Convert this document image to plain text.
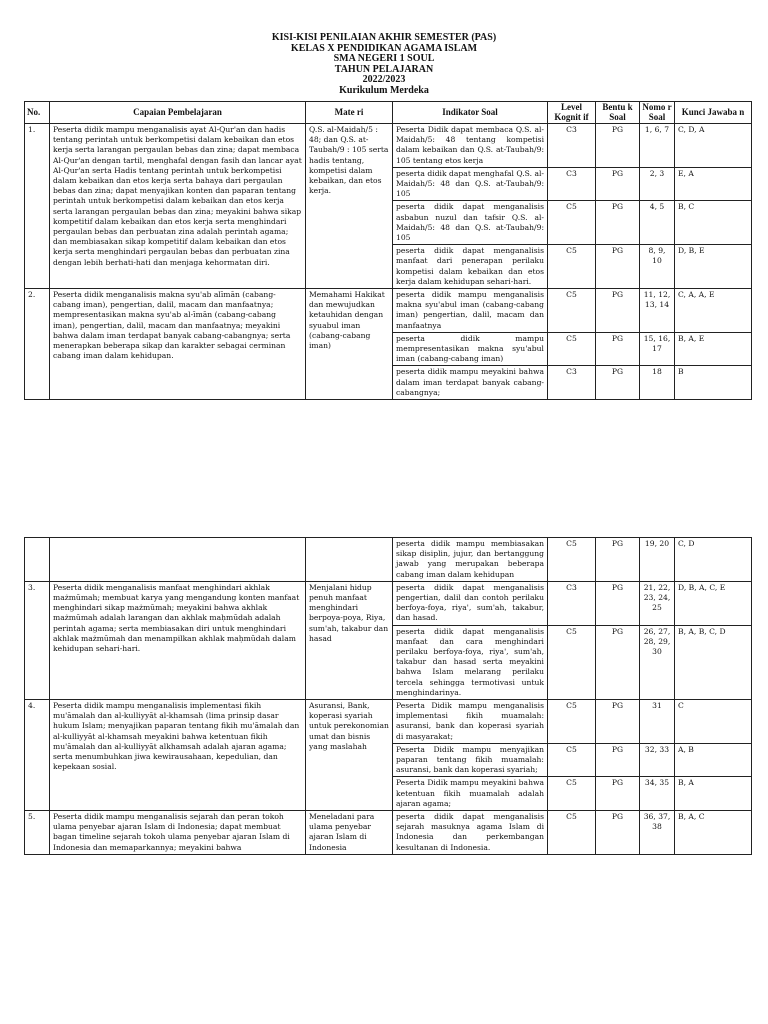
KISI-KISI PENILAIAN AKHIR SEMESTER (PAS)
KELAS X PENDIDIKAN AGAMA ISLAM
SMA NEGERI 1 SOUL
TAHUN PELAJARAN
2022/2023
Kurikulum Merdeka
No.	Capaian Pembelajaran	Mate ri	Indikator Soal	Level Kognit if	Bentu k Soal	Nomo r Soal	Kunci Jawaba n
1.	Peserta didik mampu menganalisis ayat Al-Qur'an dan hadis tentang perintah untuk berkompetisi dalam kebaikan dan etos kerja serta larangan pergaulan bebas dan zina; dapat membaca Al-Qur'an dengan tartil, menghafal dengan fasih dan lancar ayat Al-Qur'an serta Hadis tentang perintah untuk berkompetisi dalam kebaikan dan etos kerja serta bahaya dari pergaulan bebas dan zina; dapat menyajikan konten dan paparan tentang perintah untuk berkompetisi dalam kebaikan dan etos kerja serta larangan pergaulan bebas dan zina; meyakini bahwa sikap kompetitif dalam kebaikan dan etos kerja serta menghindari pergaulan bebas dan perbuatan zina adalah perintah agama; dan membiasakan sikap kompetitif dalam kebaikan dan etos kerja serta menghindari pergaulan bebas dan perbuatan zina dengan lebih berhati-hati dan menjaga kehormatan diri.	Q.S. al-Maidah/5 : 48; dan Q.S. at- Taubah/9 : 105 serta hadis tentang, kompetisi dalam kebaikan, dan etos kerja.	Peserta Didik dapat membaca Q.S. al- Maidah/5: 48 tentang kompetisi dalam kebaikan dan Q.S. at-Taubah/9: 105 tentang etos kerja	C3	PG	1, 6, 7	C, D, A
			peserta didik dapat menghafal Q.S. al-Maidah/5: 48 dan Q.S. at-Taubah/9: 105	C3	PG	2, 3	E, A
			peserta didik dapat menganalisis asbabun nuzul dan tafsir Q.S. al-Maidah/5: 48 dan Q.S. at-Taubah/9: 105	C5	PG	4, 5	B, C
			peserta didik dapat menganalisis manfaat dari penerapan perilaku kompetisi dalam kebaikan dan etos kerja dalam kehidupan sehari-hari.	C5	PG	8, 9, 10	D, B, E
2.	Peserta didik menganalisis makna syu'ab alīmān (cabang-cabang iman), pengertian, dalil, macam dan manfaatnya; mempresentasikan makna syu'ab al-īmān (cabang-cabang iman), pengertian, dalil, macam dan manfaatnya; meyakini bahwa dalam iman terdapat banyak cabang-cabangnya; serta menerapkan beberapa sikap dan karakter sebagai cerminan cabang iman dalam kehidupan.	Memahami Hakikat dan mewujudkan ketauhidan dengan syuabul iman (cabang-cabang iman)	peserta didik mampu menganalisis makna syu'abul iman (cabang-cabang iman) pengertian, dalil, macam dan manfaatnya	C5	PG	11, 12, 13, 14	C, A, A, E
			peserta didik mampu mempresentasikan makna syu'abul iman (cabang-cabang iman)	C5	PG	15, 16, 17	B, A, E
			peserta didik mampu meyakini bahwa dalam iman terdapat banyak cabang-cabangnya;	C3	PG	18	B
			peserta didik mampu membiasakan sikap disiplin, jujur, dan bertanggung jawab yang merupakan beberapa cabang iman dalam kehidupan	C5	PG	19, 20	C, D
3.	Peserta didik menganalisis manfaat menghindari akhlak mażmūmah; membuat karya yang mengandung konten manfaat menghindari sikap mażmūmah; meyakini bahwa akhlak mażmūmah adalah larangan dan akhlak maḥmūdah adalah perintah agama; serta membiasakan diri untuk menghindari akhlak mażmūmah dan menampilkan akhlak maḥmūdah dalam kehidupan sehari-hari.	Menjalani hidup penuh manfaat menghindari berpoya-poya, Riya, sum'ah, takabur dan hasad	peserta didik dapat menganalisis pengertian, dalil dan contoh perilaku berfoya-foya, riya', sum'ah, takabur, dan hasad.	C3	PG	21, 22, 23, 24, 25	D, B, A, C, E
			peserta didik dapat menganalisis manfaat dan cara menghindari perilaku berfoya-foya, riya', sum'ah, takabur dan hasad serta meyakini bahwa Islam melarang perilaku tercela sehingga termotivasi untuk menghindarinya.	C5	PG	26, 27, 28, 29, 30	B, A, B, C, D
4.	Peserta didik mampu menganalisis implementasi fikih mu'āmalah dan al-kulliyyāt al-khamsah (lima prinsip dasar hukum Islam; menyajikan paparan tentang fikih mu'āmalah dan al-kulliyyāt al-khamsah meyakini bahwa ketentuan fikih mu'āmalah dan al-kulliyyāt alkhamsah adalah ajaran agama; serta menumbuhkan jiwa kewirausahaan, kepedulian, dan kepekaan sosial.	Asuransi, Bank, koperasi syariah untuk perekonomian umat dan bisnis yang maslahah	Peserta Didik mampu menganalisis implementasi fikih muamalah: asuransi, bank dan koperasi syariah di masyarakat;	C5	PG	31	C
			Peserta Didik mampu menyajikan paparan tentang fikih muamalah: asuransi, bank dan koperasi syariah;	C5	PG	32, 33	A, B
			Peserta Didik mampu meyakini bahwa ketentuan fikih muamalah adalah ajaran agama;	C5	PG	34, 35	B, A
5.	Peserta didik mampu menganalisis sejarah dan peran tokoh ulama penyebar ajaran Islam di Indonesia; dapat membuat bagan timeline sejarah tokoh ulama penyebar ajaran Islam di Indonesia dan memaparkannya; meyakini bahwa	Meneladani para ulama penyebar ajaran Islam di Indonesia	peserta didik dapat menganalisis sejarah masuknya agama Islam di Indonesia dan perkembangan kesultanan di Indonesia.	C5	PG	36, 37, 38	B, A, C
